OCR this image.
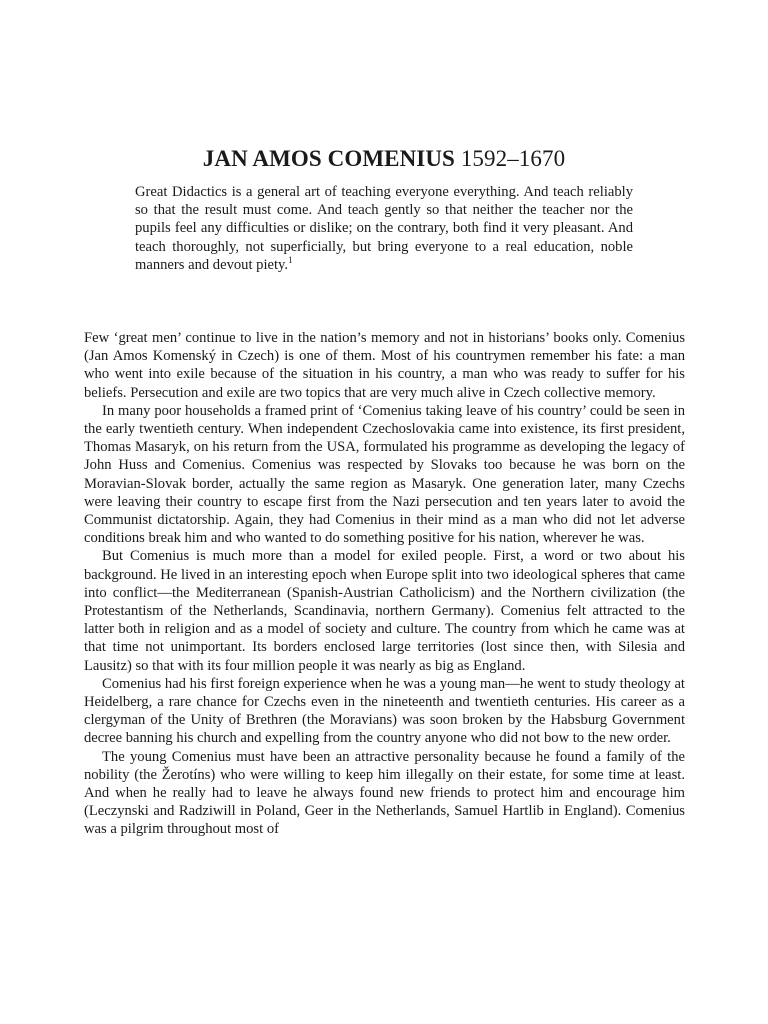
JAN AMOS COMENIUS 1592–1670

Great Didactics is a general art of teaching everyone everything. And teach reliably so that the result must come. And teach gently so that neither the teacher nor the pupils feel any difficulties or dislike; on the contrary, both find it very pleasant. And teach thoroughly, not superficially, but bring everyone to a real education, noble manners and devout piety.$^1$

Few ‘great men’ continue to live in the nation’s memory and not in historians’ books only. Comenius (Jan Amos Komenský in Czech) is one of them. Most of his countrymen remember his fate: a man who went into exile because of the situation in his country, a man who was ready to suffer for his beliefs. Persecution and exile are two topics that are very much alive in Czech collective memory.

In many poor households a framed print of ‘Comenius taking leave of his country’ could be seen in the early twentieth century. When independent Czechoslovakia came into existence, its first president, Thomas Masaryk, on his return from the USA, formulated his programme as developing the legacy of John Huss and Comenius. Comenius was respected by Slovaks too because he was born on the Moravian-Slovak border, actually the same region as Masaryk. One generation later, many Czechs were leaving their country to escape first from the Nazi persecution and ten years later to avoid the Communist dictatorship. Again, they had Comenius in their mind as a man who did not let adverse conditions break him and who wanted to do something positive for his nation, wherever he was.

But Comenius is much more than a model for exiled people. First, a word or two about his background. He lived in an interesting epoch when Europe split into two ideological spheres that came into conflict—the Mediterranean (Spanish-Austrian Catholicism) and the Northern civilization (the Protestantism of the Netherlands, Scandinavia, northern Germany). Comenius felt attracted to the latter both in religion and as a model of society and culture. The country from which he came was at that time not unimportant. Its borders enclosed large territories (lost since then, with Silesia and Lausitz) so that with its four million people it was nearly as big as England.

Comenius had his first foreign experience when he was a young man—he went to study theology at Heidelberg, a rare chance for Czechs even in the nineteenth and twentieth centuries. His career as a clergyman of the Unity of Brethren (the Moravians) was soon broken by the Habsburg Government decree banning his church and expelling from the country anyone who did not bow to the new order.

The young Comenius must have been an attractive personality because he found a family of the nobility (the Žerotíns) who were willing to keep him illegally on their estate, for some time at least. And when he really had to leave he always found new friends to protect him and encourage him (Leczynski and Radziwill in Poland, Geer in the Netherlands, Samuel Hartlib in England). Comenius was a pilgrim throughout most of
